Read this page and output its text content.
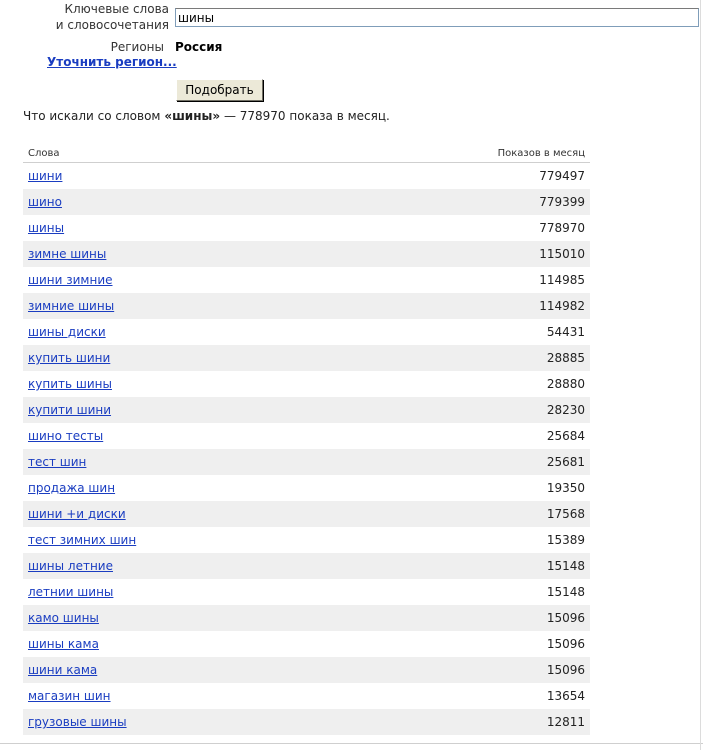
Ключевые слова
и словосочетания
шины
Регионы Россия
Уточнить регион...
Подобрать
Что искали со словом «шины» — 778970 показа в месяц.
Слова	Показов в месяц
шини	779497
шино	779399
шины	778970
зимне шины	115010
шини зимние	114985
зимние шины	114982
шины диски	54431
купить шини	28885
купить шины	28880
купити шини	28230
шино тесты	25684
тест шин	25681
продажа шин	19350
шини +и диски	17568
тест зимних шин	15389
шины летние	15148
летнии шины	15148
камо шины	15096
шины кама	15096
шини кама	15096
магазин шин	13654
грузовые шины	12811
